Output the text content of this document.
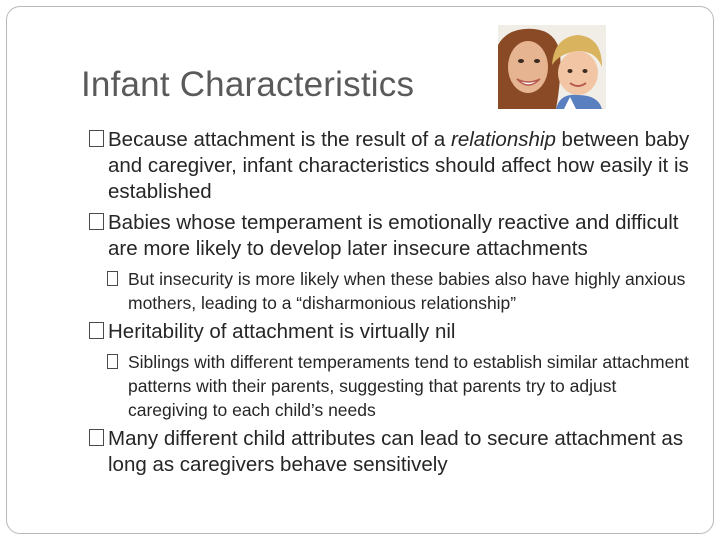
Infant Characteristics

Because attachment is the result of a relationship between baby and caregiver, infant characteristics should affect how easily it is established

Babies whose temperament is emotionally reactive and difficult are more likely to develop later insecure attachments

But insecurity is more likely when these babies also have highly anxious mothers, leading to a “disharmonious relationship”

Heritability of attachment is virtually nil

Siblings with different temperaments tend to establish similar attachment patterns with their parents, suggesting that parents try to adjust caregiving to each child’s needs

Many different child attributes can lead to secure attachment as long as caregivers behave sensitively
